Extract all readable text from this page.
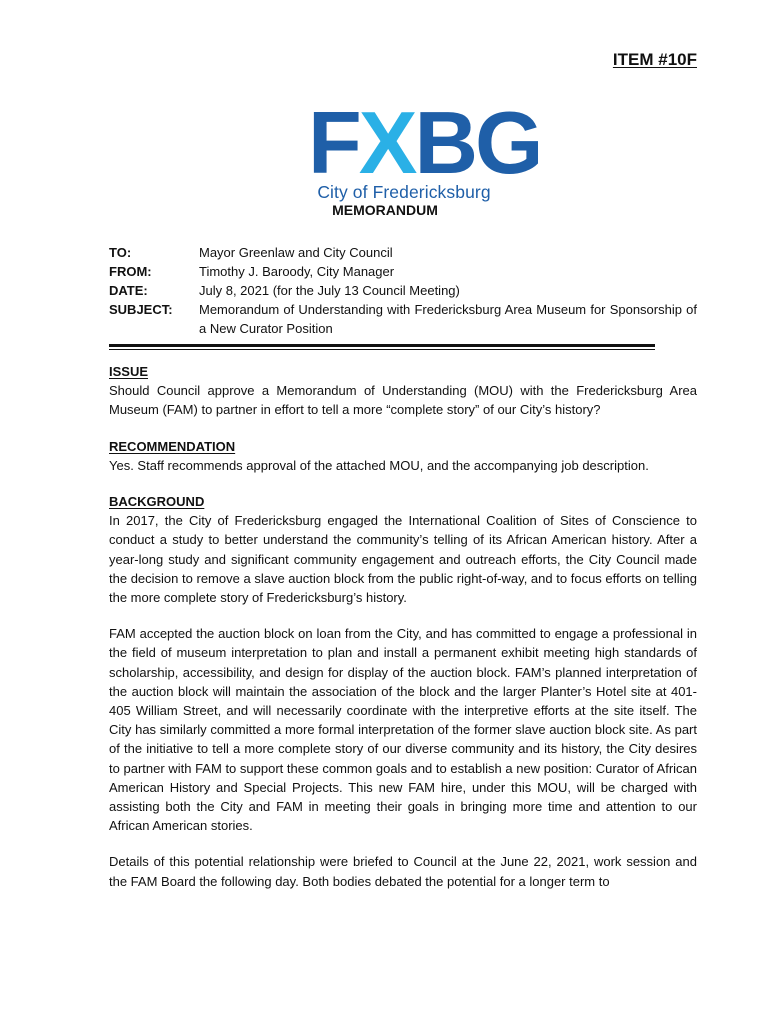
ITEM #10F
F X B G
City of Fredericksburg
MEMORANDUM
TO:	Mayor Greenlaw and City Council
FROM:	Timothy J. Baroody, City Manager
DATE:	July 8, 2021 (for the July 13 Council Meeting)
SUBJECT:	Memorandum of Understanding with Fredericksburg Area Museum for Sponsorship of a New Curator Position
ISSUE

Should Council approve a Memorandum of Understanding (MOU) with the Fredericksburg Area Museum (FAM) to partner in effort to tell a more “complete story” of our City’s history?

RECOMMENDATION

Yes. Staff recommends approval of the attached MOU, and the accompanying job description.

BACKGROUND

In 2017, the City of Fredericksburg engaged the International Coalition of Sites of Conscience to conduct a study to better understand the community’s telling of its African American history. After a year-long study and significant community engagement and outreach efforts, the City Council made the decision to remove a slave auction block from the public right-of-way, and to focus efforts on telling the more complete story of Fredericksburg’s history.

FAM accepted the auction block on loan from the City, and has committed to engage a professional in the field of museum interpretation to plan and install a permanent exhibit meeting high standards of scholarship, accessibility, and design for display of the auction block. FAM’s planned interpretation of the auction block will maintain the association of the block and the larger Planter’s Hotel site at 401-405 William Street, and will necessarily coordinate with the interpretive efforts at the site itself. The City has similarly committed a more formal interpretation of the former slave auction block site. As part of the initiative to tell a more complete story of our diverse community and its history, the City desires to partner with FAM to support these common goals and to establish a new position: Curator of African American History and Special Projects. This new FAM hire, under this MOU, will be charged with assisting both the City and FAM in meeting their goals in bringing more time and attention to our African American stories.

Details of this potential relationship were briefed to Council at the June 22, 2021, work session and the FAM Board the following day. Both bodies debated the potential for a longer term to
